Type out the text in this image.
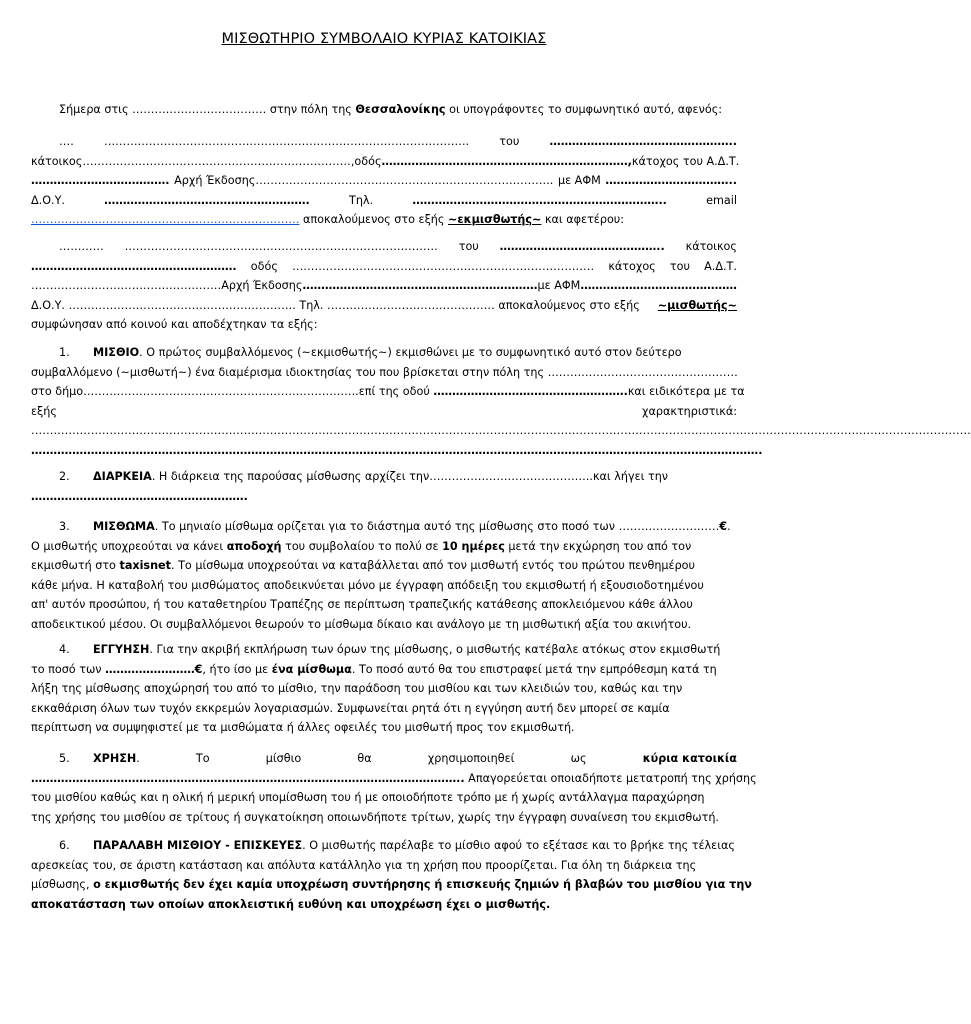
ΜΙΣΘΩΤΗΡΙΟ ΣΥΜΒΟΛΑΙΟ ΚΥΡΙΑΣ ΚΑΤΟΙΚΙΑΣ
Σήμερα στις ……………………………… στην πόλη της Θεσσαλονίκης οι υπογράφοντες το συμφωνητικό αυτό, αφενός:
….	……………………………………………………………………………………..	του	…………………………………………..
κάτοικος………………………………………………………………, οδός …………………………………………………………, κάτοχος του Α.Δ.Τ.
………………………………. Αρχή Έκδοσης…………………………………………………………………….. με ΑΦΜ ……………………………..
Δ.Ο.Υ.	……………………………………………….	Τηλ.	…………………………………………………………..	email
……………………………………………………………… αποκαλούμενος στο εξής ~εκμισθωτής~ και αφετέρου:
………… ………………………………………………………………………… του …………………………………….. κάτοικος
………………………………………………. οδός ……………………………………………………………………… κάτοχος του Α.Δ.Τ.
……………………………………………Αρχή Έκδοσης ……………………………………………………… με ΑΦΜ ……………………………………
Δ.Ο.Υ. ……………………………………………………. Τηλ. ……………………………………… αποκαλούμενος στο εξής ~μισθωτής~
συμφώνησαν από κοινού και αποδέχτηκαν τα εξής:
1. ΜΙΣΘΙΟ. Ο πρώτος συμβαλλόμενος (~εκμισθωτής~) εκμισθώνει με το συμφωνητικό αυτό στον δεύτερο
συμβαλλόμενο (~μισθωτή~) ένα διαμέρισμα ιδιοκτησίας του που βρίσκεται στην πόλη της ……………………………………………
στο δήμο………………………………………………………………..επί της οδού ……………………………………………. και ειδικότερα με τα
εξής	χαρακτηριστικά:
………………………………………………………………………………………………………………………………………………………………………………………………………………………………
…………………………………………………………………………………………………………………………………………………………………………….
2. ΔΙΑΡΚΕΙΑ. Η διάρκεια της παρούσας μίσθωσης αρχίζει την……………………………………..και λήγει την
………………………………………………….
3. ΜΙΣΘΩΜΑ. Το μηνιαίο μίσθωμα ορίζεται για το διάστημα αυτό της μίσθωσης στο ποσό των ………………………€.
Ο μισθωτής υποχρεούται να κάνει αποδοχή του συμβολαίου το πολύ σε 10 ημέρες μετά την εκχώρηση του από τον
εκμισθωτή στο taxisnet. Το μίσθωμα υποχρεούται να καταβάλλεται από τον μισθωτή εντός του πρώτου πενθημέρου
κάθε μήνα. Η καταβολή του μισθώματος αποδεικνύεται μόνο με έγγραφη απόδειξη του εκμισθωτή ή εξουσιοδοτημένου
απ' αυτόν προσώπου, ή του καταθετηρίου Τραπέζης σε περίπτωση τραπεζικής κατάθεσης αποκλειόμενου κάθε άλλου
αποδεικτικού μέσου. Οι συμβαλλόμενοι θεωρούν το μίσθωμα δίκαιο και ανάλογο με τη μισθωτική αξία του ακινήτου.
4. ΕΓΓΥΗΣΗ. Για την ακριβή εκπλήρωση των όρων της μίσθωσης, ο μισθωτής κατέβαλε ατόκως στον εκμισθωτή
το ποσό των ……………………€, ήτο ίσο με ένα μίσθωμα. Το ποσό αυτό θα του επιστραφεί μετά την εμπρόθεσμη κατά τη
λήξη της μίσθωσης αποχώρησή του από το μίσθιο, την παράδοση του μισθίου και των κλειδιών του, καθώς και την
εκκαθάριση όλων των τυχόν εκκρεμών λογαριασμών. Συμφωνείται ρητά ότι η εγγύηση αυτή δεν μπορεί σε καμία
περίπτωση να συμψηφιστεί με τα μισθώματα ή άλλες οφειλές του μισθωτή προς τον εκμισθωτή.
5. ΧΡΗΣΗ.	Το	μίσθιο	θα	χρησιμοποιηθεί	ως	κύρια κατοικία
…………………………………………………………………………………………………….. Απαγορεύεται οποιαδήποτε μετατροπή της χρήσης
του μισθίου καθώς και η ολική ή μερική υπομίσθωση του ή με οποιοδήποτε τρόπο με ή χωρίς αντάλλαγμα παραχώρηση
της χρήσης του μισθίου σε τρίτους ή συγκατοίκηση οποιωνδήποτε τρίτων, χωρίς την έγγραφη συναίνεση του εκμισθωτή.
6. ΠΑΡΑΛΑΒΗ ΜΙΣΘΙΟΥ - ΕΠΙΣΚΕΥΕΣ. Ο μισθωτής παρέλαβε το μίσθιο αφού το εξέτασε και το βρήκε της τέλειας
αρεσκείας του, σε άριστη κατάσταση και απόλυτα κατάλληλο για τη χρήση που προορίζεται. Για όλη τη διάρκεια της
μίσθωσης, ο εκμισθωτής δεν έχει καμία υποχρέωση συντήρησης ή επισκευής ζημιών ή βλαβών του μισθίου για την
αποκατάσταση των οποίων αποκλειστική ευθύνη και υποχρέωση έχει ο μισθωτής.
